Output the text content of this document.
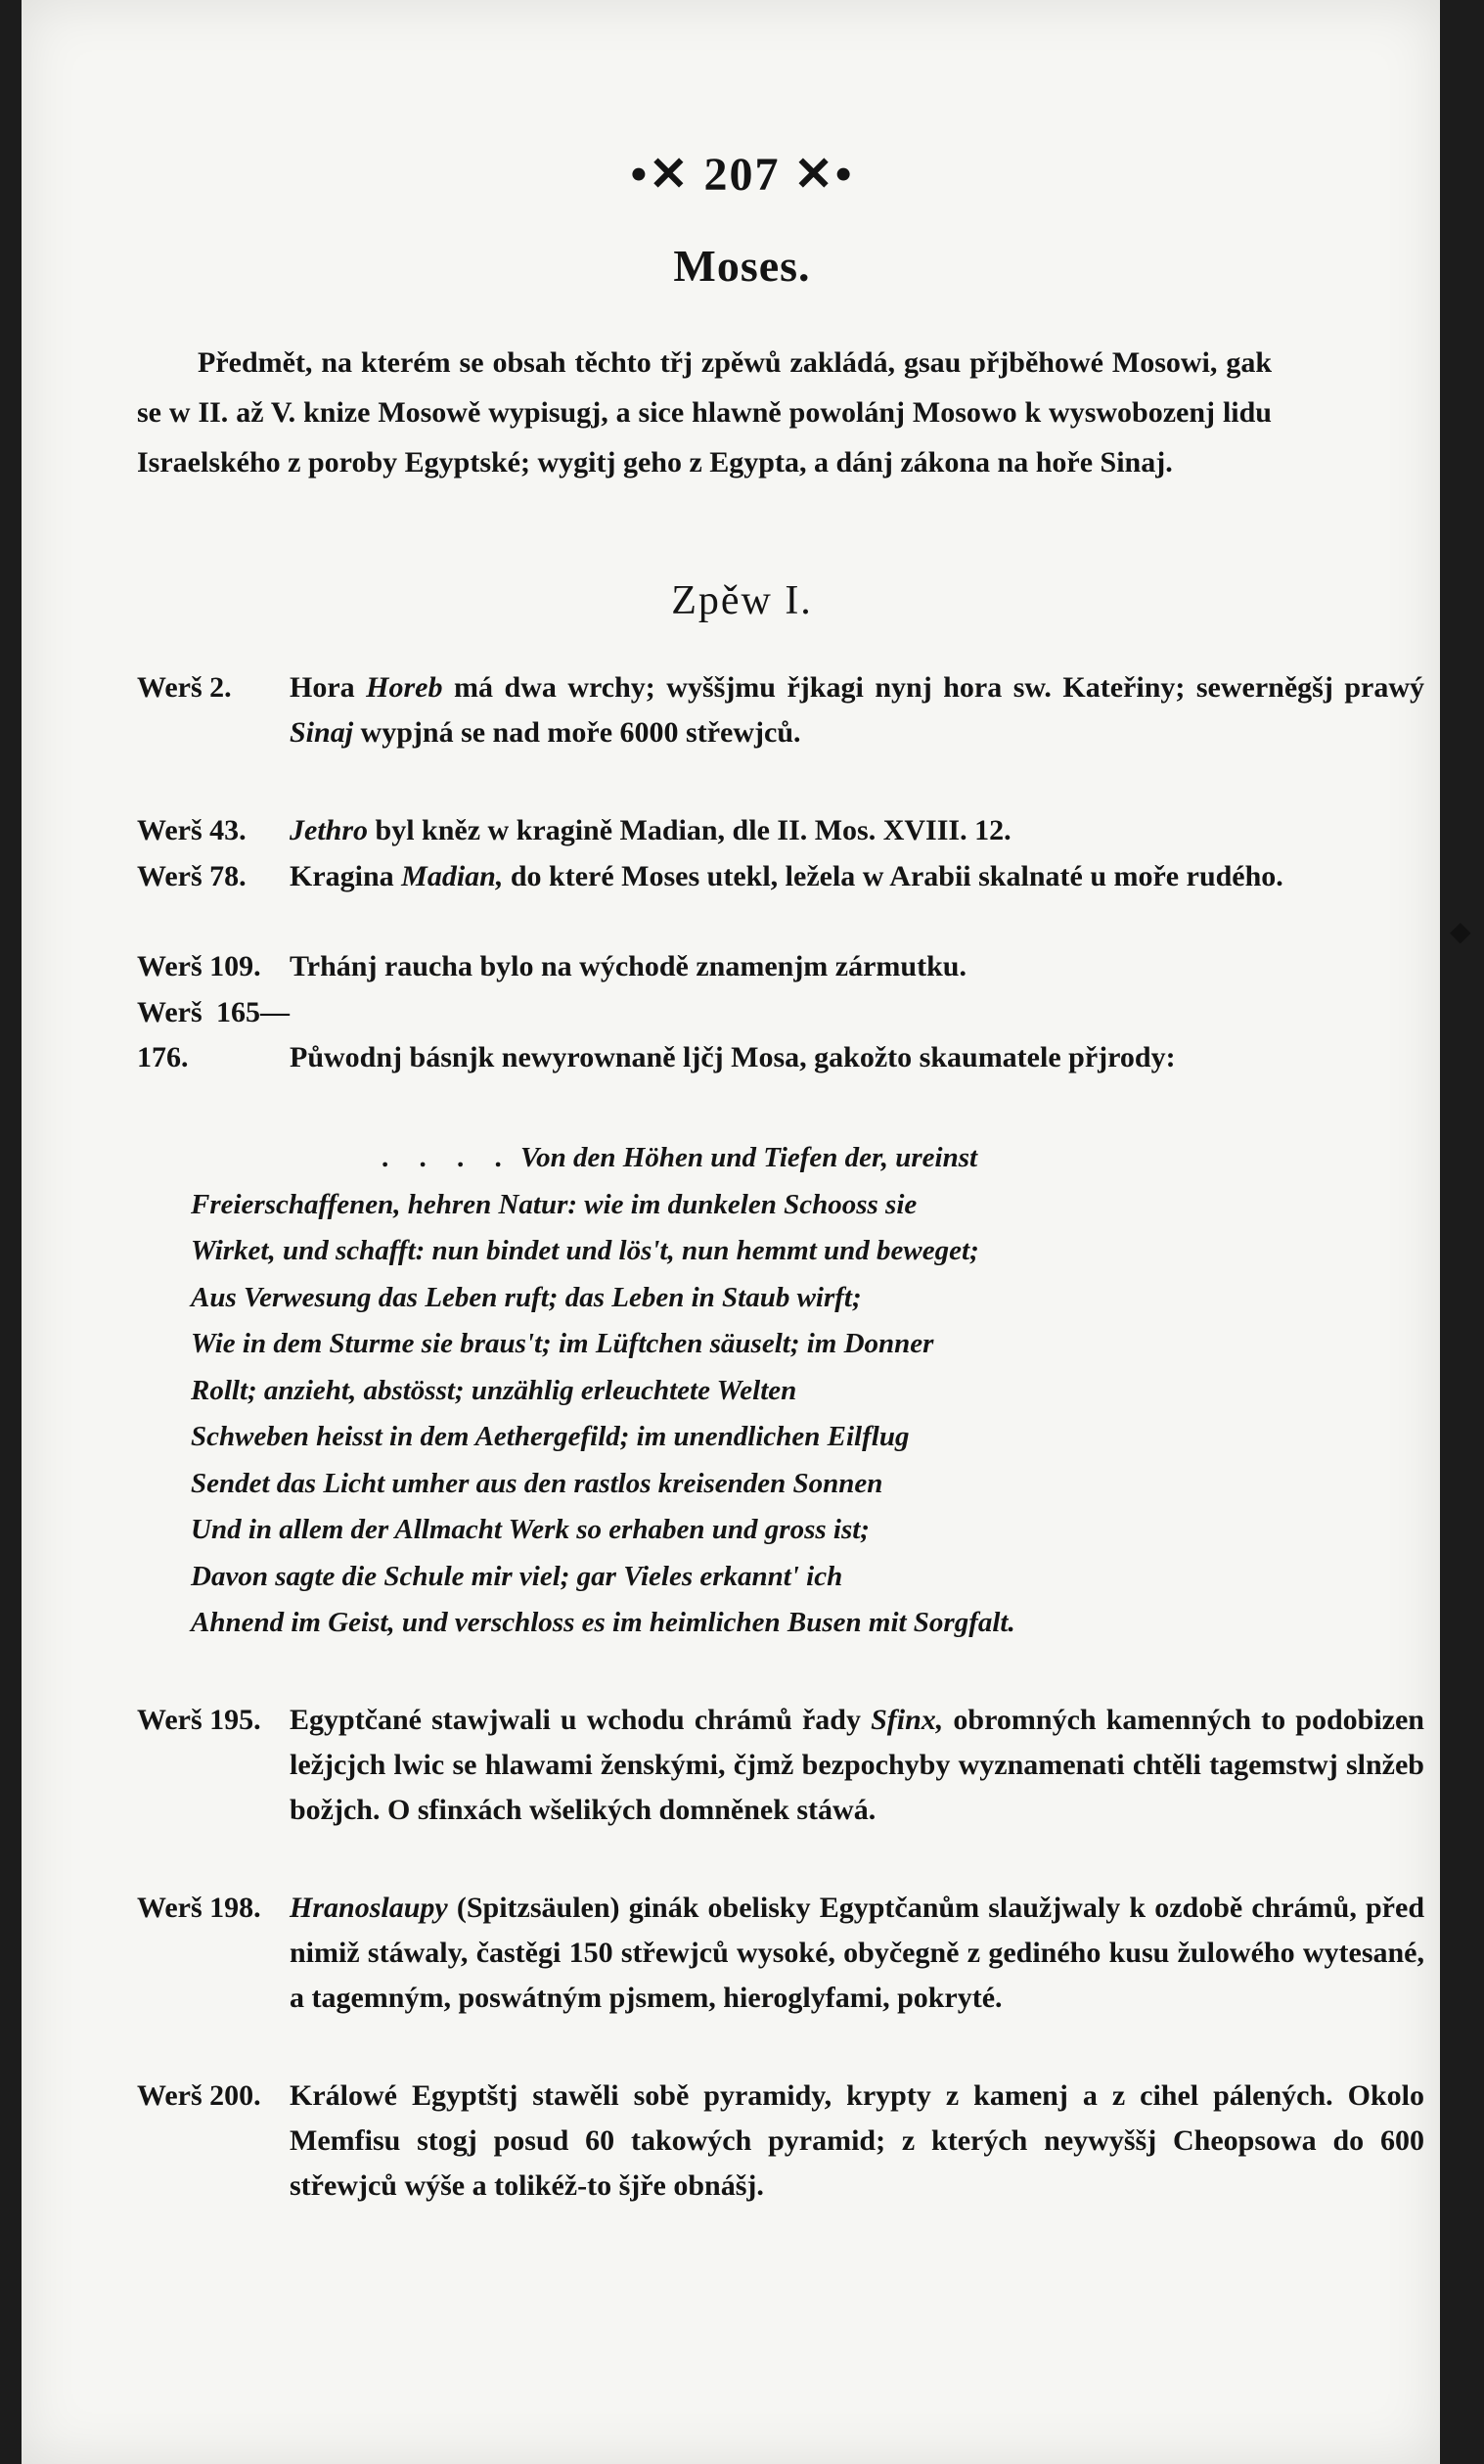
•✕ 207 ✕•
Moses.
Předmět, na kterém se obsah těchto třj zpěwů zakládá, gsau přjběhowé Mosowi, gak se w II. až V. knize Mosowě wypisugj, a sice hlawně powolánj Mosowo k wyswobozenj lidu Israelského z poroby Egyptské; wygitj geho z Egypta, a dánj zákona na hoře Sinaj.
Zpěw I.
Werš 2. Hora Horeb má dwa wrchy; wyššjmu řjkagi nynj hora sw. Kateřiny; sewerněgšj prawý Sinaj wypjná se nad moře 6000 střewjců.
Werš 43. Jethro byl kněz w kragině Madian, dle II. Mos. XVIII. 12.
Werš 78. Kragina Madian, do které Moses utekl, ležela w Arabii skalnaté u moře rudého.
Werš 109. Trhánj raucha bylo na wýchodě znamenjm zármutku.
Werš 165—176.	Půwodnj básnjk newyrownaně ljčj Mosa, gakožto skaumatele přjrody:
. . . . Von den Höhen und Tiefen der, ureinst
Freierschaffenen, hehren Natur: wie im dunkelen Schooss sie
Wirket, und schafft: nun bindet und lös't, nun hemmt und beweget;
Aus Verwesung das Leben ruft; das Leben in Staub wirft;
Wie in dem Sturme sie braus't; im Lüftchen säuselt; im Donner
Rollt; anzieht, abstösst; unzählig erleuchtete Welten
Schweben heisst in dem Aethergefild; im unendlichen Eilflug
Sendet das Licht umher aus den rastlos kreisenden Sonnen
Und in allem der Allmacht Werk so erhaben und gross ist;
Davon sagte die Schule mir viel; gar Vieles erkannt' ich
Ahnend im Geist, und verschloss es im heimlichen Busen mit Sorgfalt.
Werš 195. Egyptčané stawjwali u wchodu chrámů řady Sfinx, obromných kamenných to podobizen ležjcjch lwic se hlawami ženskými, čjmž bezpochyby wyznamenati chtěli tagemstwj slnžeb božjch. O sfinxách wšelikých domněnek stáwá.
Werš 198. Hranoslaupy (Spitzsäulen) ginák obelisky Egyptčanům slaužjwaly k ozdobě chrámů, před nimiž stáwaly, častěgi 150 střewjců wysoké, obyčegně z gediného kusu žulowého wytesané, a tagemným, poswátným pjsmem, hieroglyfami, pokryté.
Werš 200. Králowé Egyptštj stawěli sobě pyramidy, krypty z kamenj a z cihel pálených. Okolo Memfisu stogj posud 60 takowých pyramid; z kterých neywyššj Cheopsowa do 600 střewjců wýše a tolikéž-to šjře obnášj.
◆
